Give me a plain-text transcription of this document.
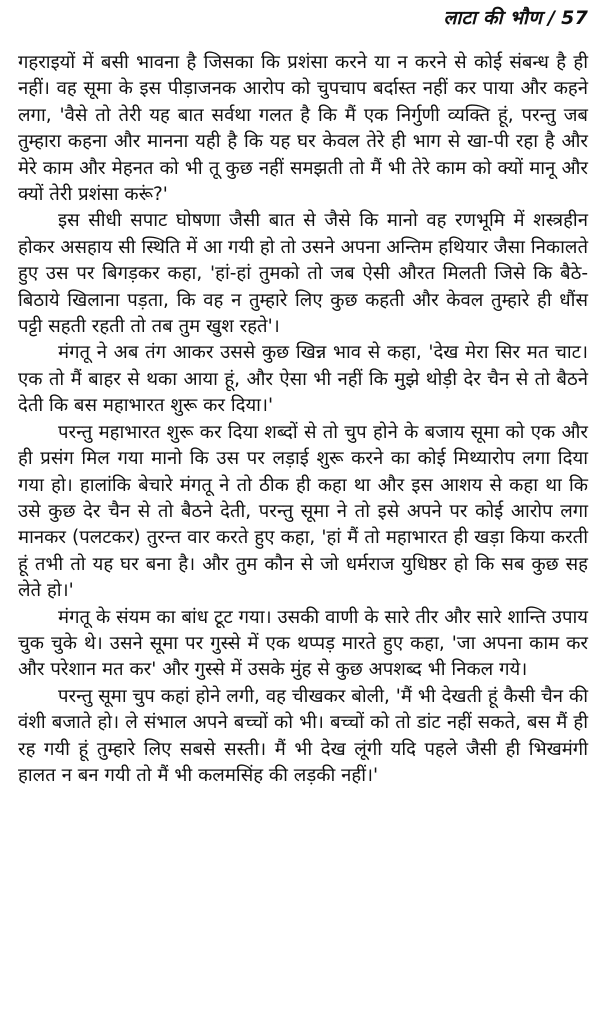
लाटा की भौण / 57

गहराइयों में बसी भावना है जिसका कि प्रशंसा करने या न करने से कोई संबन्ध है ही नहीं। वह सूमा के इस पीड़ाजनक आरोप को चुपचाप बर्दास्त नहीं कर पाया और कहने लगा, 'वैसे तो तेरी यह बात सर्वथा गलत है कि मैं एक निर्गुणी व्यक्ति हूं, परन्तु जब तुम्हारा कहना और मानना यही है कि यह घर केवल तेरे ही भाग से खा-पी रहा है और मेरे काम और मेहनत को भी तू कुछ नहीं समझती तो मैं भी तेरे काम को क्यों मानू और क्यों तेरी प्रशंसा करूं?'

इस सीधी सपाट घोषणा जैसी बात से जैसे कि मानो वह रणभूमि में शस्त्रहीन होकर असहाय सी स्थिति में आ गयी हो तो उसने अपना अन्तिम हथियार जैसा निकालते हुए उस पर बिगड़कर कहा, 'हां-हां तुमको तो जब ऐसी औरत मिलती जिसे कि बैठे-बिठाये खिलाना पड़ता, कि वह न तुम्हारे लिए कुछ कहती और केवल तुम्हारे ही धौंस पट्टी सहती रहती तो तब तुम खुश रहते'।

मंगतू ने अब तंग आकर उससे कुछ खिन्न भाव से कहा, 'देख मेरा सिर मत चाट। एक तो मैं बाहर से थका आया हूं, और ऐसा भी नहीं कि मुझे थोड़ी देर चैन से तो बैठने देती कि बस महाभारत शुरू कर दिया।'

परन्तु महाभारत शुरू कर दिया शब्दों से तो चुप होने के बजाय सूमा को एक और ही प्रसंग मिल गया मानो कि उस पर लड़ाई शुरू करने का कोई मिथ्यारोप लगा दिया गया हो। हालांकि बेचारे मंगतू ने तो ठीक ही कहा था और इस आशय से कहा था कि उसे कुछ देर चैन से तो बैठने देती, परन्तु सूमा ने तो इसे अपने पर कोई आरोप लगा मानकर (पलटकर) तुरन्त वार करते हुए कहा, 'हां मैं तो महाभारत ही खड़ा किया करती हूं तभी तो यह घर बना है। और तुम कौन से जो धर्मराज युधिष्ठर हो कि सब कुछ सह लेते हो।'

मंगतू के संयम का बांध टूट गया। उसकी वाणी के सारे तीर और सारे शान्ति उपाय चुक चुके थे। उसने सूमा पर गुस्से में एक थप्पड़ मारते हुए कहा, 'जा अपना काम कर और परेशान मत कर' और गुस्से में उसके मुंह से कुछ अपशब्द भी निकल गये।

परन्तु सूमा चुप कहां होने लगी, वह चीखकर बोली, 'मैं भी देखती हूं कैसी चैन की वंशी बजाते हो। ले संभाल अपने बच्चों को भी। बच्चों को तो डांट नहीं सकते, बस मैं ही रह गयी हूं तुम्हारे लिए सबसे सस्ती। मैं भी देख लूंगी यदि पहले जैसी ही भिखमंगी हालत न बन गयी तो मैं भी कलमसिंह की लड़की नहीं।'
